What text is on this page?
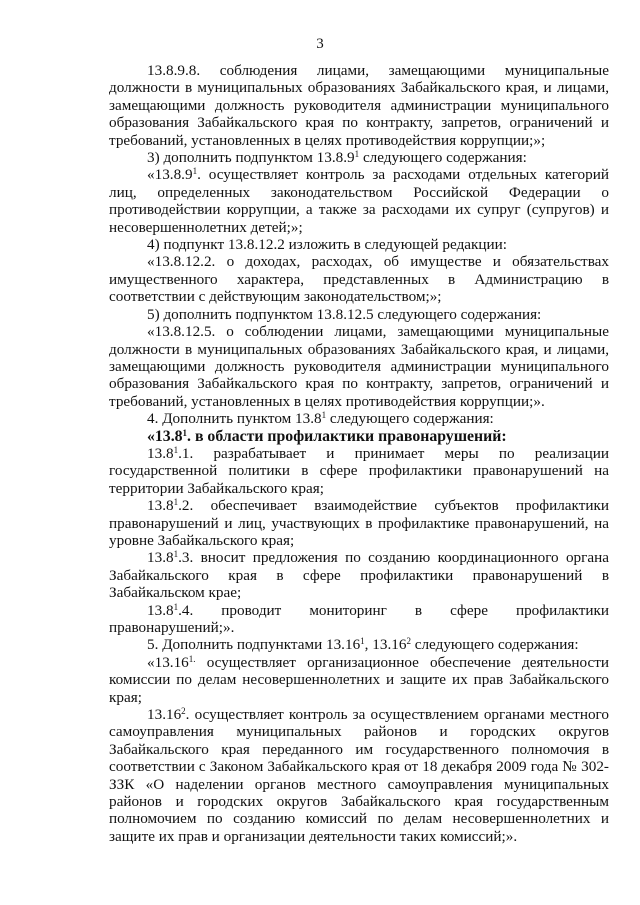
3

13.8.9.8. соблюдения лицами, замещающими муниципальные должности в муниципальных образованиях Забайкальского края, и лицами, замещающими должность руководителя администрации муниципального образования Забайкальского края по контракту, запретов, ограничений и требований, установленных в целях противодействия коррупции;»;

3) дополнить подпунктом 13.8.9$^1$ следующего содержания:

«13.8.9$^1$. осуществляет контроль за расходами отдельных категорий лиц, определенных законодательством Российской Федерации о противодействии коррупции, а также за расходами их супруг (супругов) и несовершеннолетних детей;»;

4) подпункт 13.8.12.2 изложить в следующей редакции:

«13.8.12.2. о доходах, расходах, об имуществе и обязательствах имущественного характера, представленных в Администрацию в соответствии с действующим законодательством;»;

5) дополнить подпунктом 13.8.12.5 следующего содержания:

«13.8.12.5. о соблюдении лицами, замещающими муниципальные должности в муниципальных образованиях Забайкальского края, и лицами, замещающими должность руководителя администрации муниципального образования Забайкальского края по контракту, запретов, ограничений и требований, установленных в целях противодействия коррупции;».

4. Дополнить пунктом 13.8$^1$ следующего содержания:

«13.8$^1$. в области профилактики правонарушений:

13.8$^1$.1. разрабатывает и принимает меры по реализации государственной политики в сфере профилактики правонарушений на территории Забайкальского края;

13.8$^1$.2. обеспечивает взаимодействие субъектов профилактики правонарушений и лиц, участвующих в профилактике правонарушений, на уровне Забайкальского края;

13.8$^1$.3. вносит предложения по созданию координационного органа Забайкальского края в сфере профилактики правонарушений в Забайкальском крае;

13.8$^1$.4. проводит мониторинг в сфере профилактики правонарушений;».

5. Дополнить подпунктами 13.16$^1$, 13.16$^2$ следующего содержания:

«$13.16^{1.}$ осуществляет организационное обеспечение деятельности комиссии по делам несовершеннолетних и защите их прав Забайкальского края;

13.16$^2$. осуществляет контроль за осуществлением органами местного самоуправления муниципальных районов и городских округов Забайкальского края переданного им государственного полномочия в соответствии с Законом Забайкальского края от 18 декабря 2009 года № 302-ЗЗК «О наделении органов местного самоуправления муниципальных районов и городских округов Забайкальского края государственным полномочием по созданию комиссий по делам несовершеннолетних и защите их прав и организации деятельности таких комиссий;».
